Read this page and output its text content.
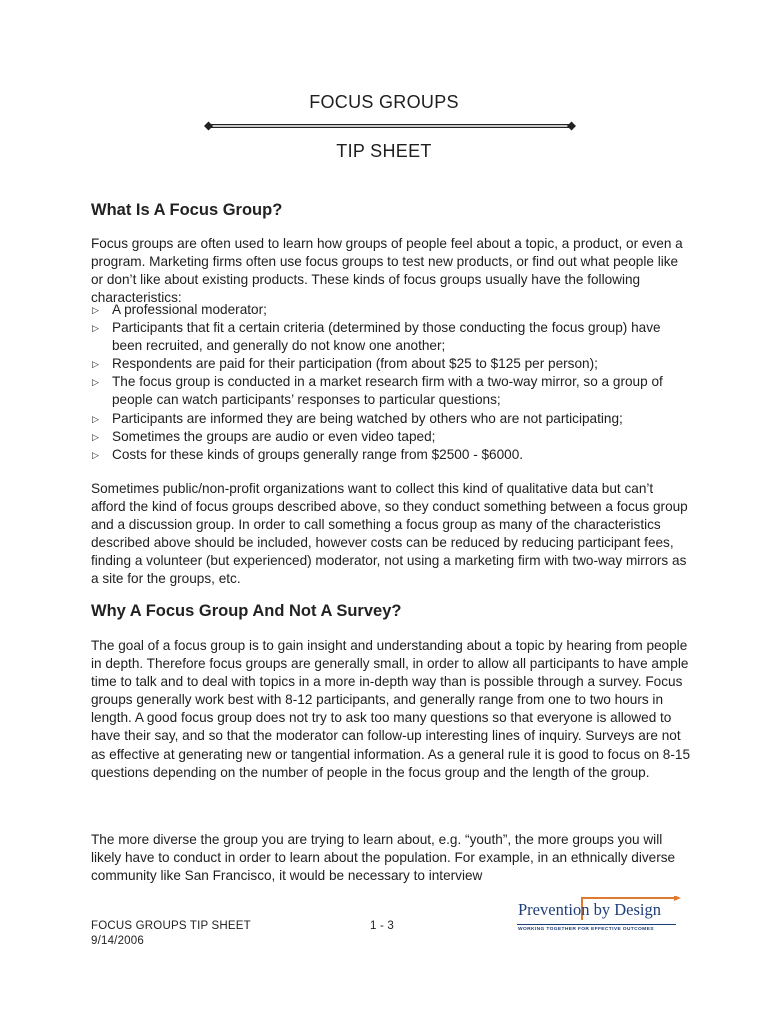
FOCUS GROUPS
TIP SHEET
What Is A Focus Group?

Focus groups are often used to learn how groups of people feel about a topic, a product, or even a program. Marketing firms often use focus groups to test new products, or find out what people like or don’t like about existing products. These kinds of focus groups usually have the following characteristics:

▷ A professional moderator;
▷ Participants that fit a certain criteria (determined by those conducting the focus group) have been recruited, and generally do not know one another;
▷ Respondents are paid for their participation (from about $25 to $125 per person);
▷ The focus group is conducted in a market research firm with a two-way mirror, so a group of people can watch participants’ responses to particular questions;
▷ Participants are informed they are being watched by others who are not participating;
▷ Sometimes the groups are audio or even video taped;
▷ Costs for these kinds of groups generally range from $2500 - $6000.

Sometimes public/non-profit organizations want to collect this kind of qualitative data but can’t afford the kind of focus groups described above, so they conduct something between a focus group and a discussion group. In order to call something a focus group as many of the characteristics described above should be included, however costs can be reduced by reducing participant fees, finding a volunteer (but experienced) moderator, not using a marketing firm with two-way mirrors as a site for the groups, etc.

Why A Focus Group And Not A Survey?

The goal of a focus group is to gain insight and understanding about a topic by hearing from people in depth. Therefore focus groups are generally small, in order to allow all participants to have ample time to talk and to deal with topics in a more in-depth way than is possible through a survey. Focus groups generally work best with 8-12 participants, and generally range from one to two hours in length. A good focus group does not try to ask too many questions so that everyone is allowed to have their say, and so that the moderator can follow-up interesting lines of inquiry. Surveys are not as effective at generating new or tangential information. As a general rule it is good to focus on 8-15 questions depending on the number of people in the focus group and the length of the group.

The more diverse the group you are trying to learn about, e.g. “youth”, the more groups you will likely have to conduct in order to learn about the population. For example, in an ethnically diverse community like San Francisco, it would be necessary to interview

FOCUS GROUPS TIP SHEET
9/14/2006
1 - 3
Prevention by Design
WORKING TOGETHER FOR EFFECTIVE OUTCOMES
